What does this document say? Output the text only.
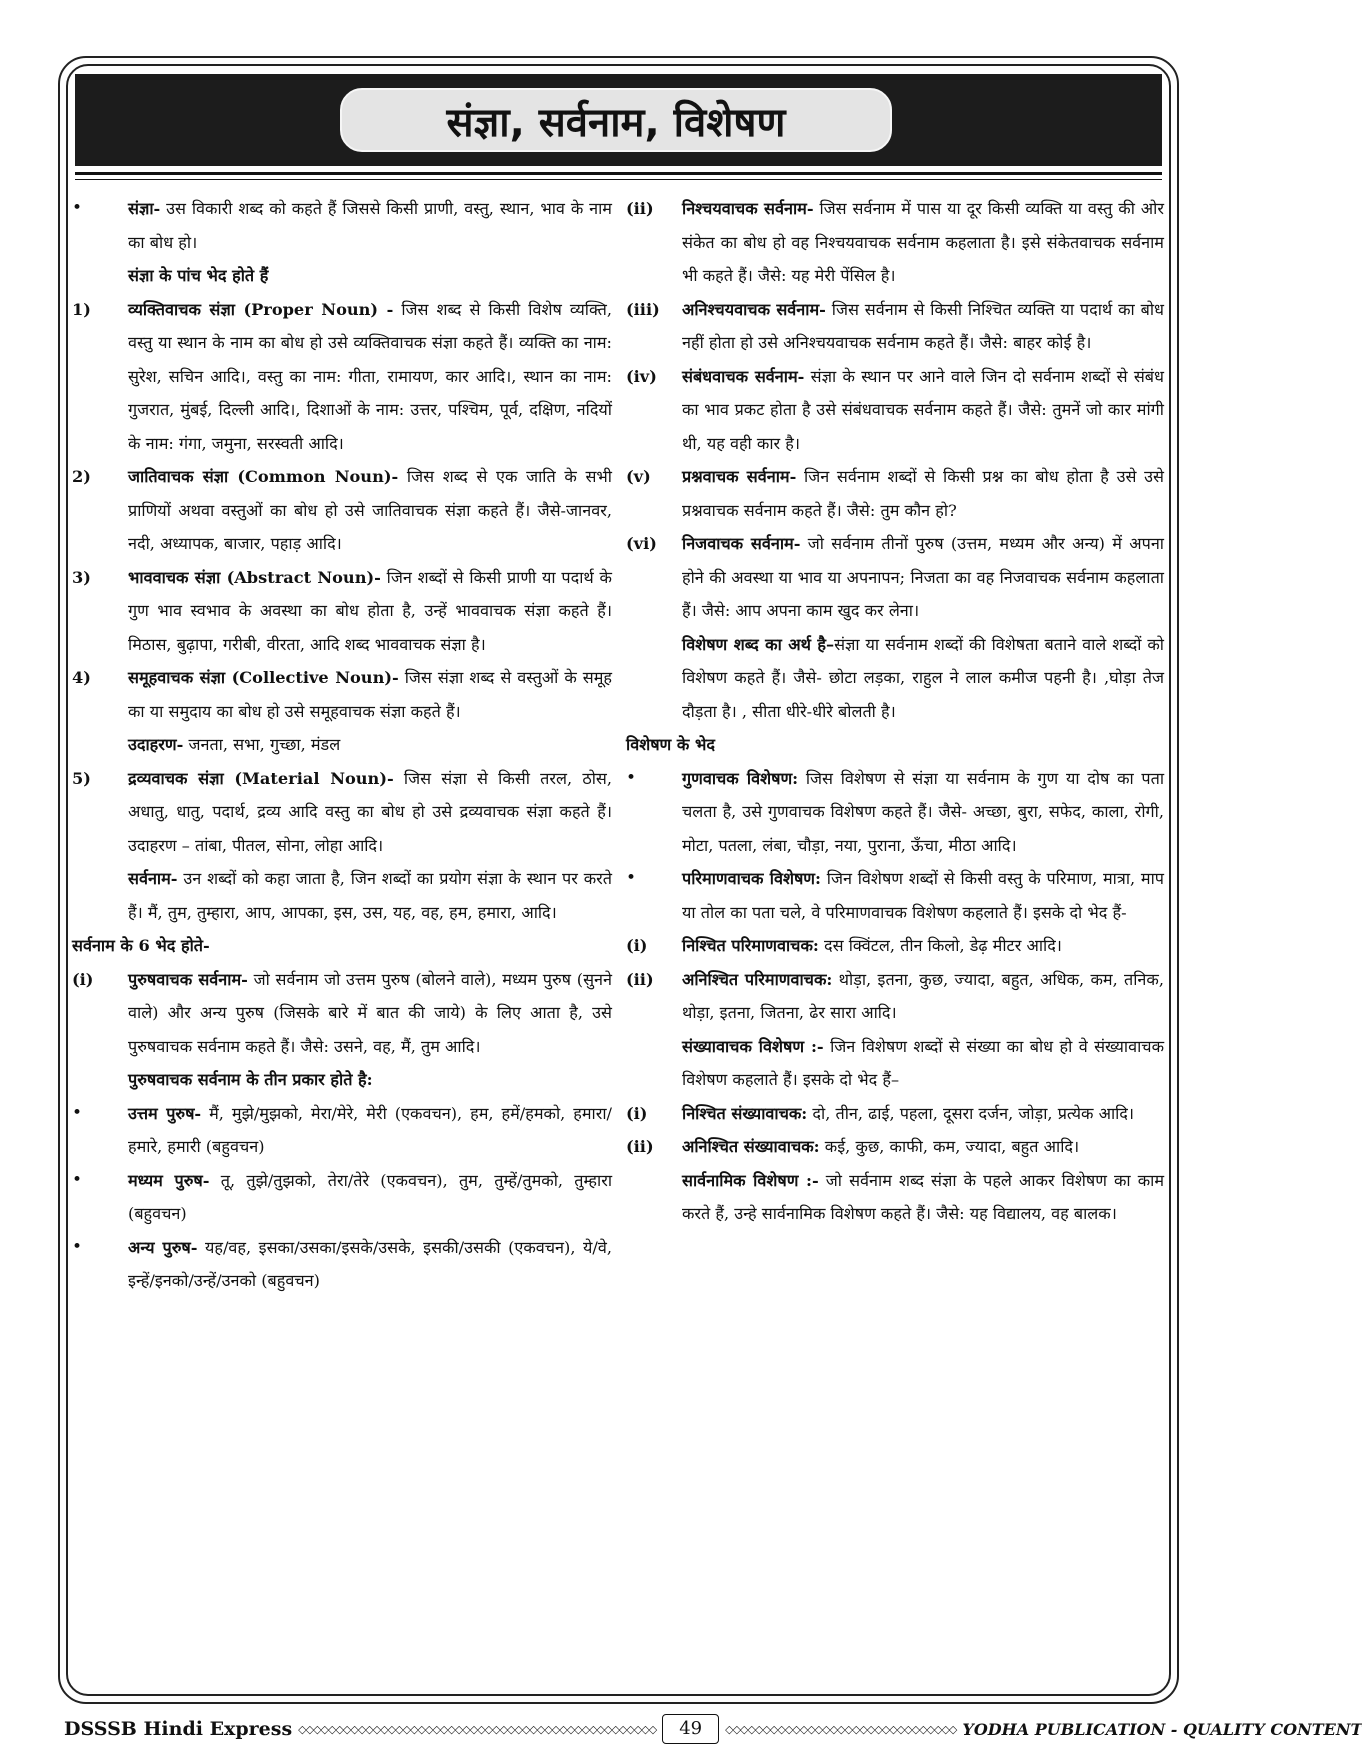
संज्ञा, सर्वनाम, विशेषण
•	संज्ञा- उस विकारी शब्द को कहते हैं जिससे किसी प्राणी, वस्तु, स्थान, भाव के नाम का बोध हो।
संज्ञा के पांच भेद होते हैं
1)	व्यक्तिवाचक संज्ञा (Proper Noun) - जिस शब्द से किसी विशेष व्यक्ति, वस्तु या स्थान के नाम का बोध हो उसे व्यक्तिवाचक संज्ञा कहते हैं। व्यक्ति का नाम: सुरेश, सचिन आदि।, वस्तु का नाम: गीता, रामायण, कार आदि।, स्थान का नाम: गुजरात, मुंबई, दिल्ली आदि।, दिशाओं के नाम: उत्तर, पश्चिम, पूर्व, दक्षिण, नदियों के नाम: गंगा, जमुना, सरस्वती आदि।
2)	जातिवाचक संज्ञा (Common Noun)- जिस शब्द से एक जाति के सभी प्राणियों अथवा वस्तुओं का बोध हो उसे जातिवाचक संज्ञा कहते हैं। जैसे-जानवर, नदी, अध्यापक, बाजार, पहाड़ आदि।
3)	भाववाचक संज्ञा (Abstract Noun)- जिन शब्दों से किसी प्राणी या पदार्थ के गुण भाव स्वभाव के अवस्था का बोध होता है, उन्हें भाववाचक संज्ञा कहते हैं। मिठास, बुढ़ापा, गरीबी, वीरता, आदि शब्द भाववाचक संज्ञा है।
4)	समूहवाचक संज्ञा (Collective Noun)- जिस संज्ञा शब्द से वस्तुओं के समूह का या समुदाय का बोध हो उसे समूहवाचक संज्ञा कहते हैं।
उदाहरण- जनता, सभा, गुच्छा, मंडल
5)	द्रव्यवाचक संज्ञा (Material Noun)- जिस संज्ञा से किसी तरल, ठोस, अधातु, धातु, पदार्थ, द्रव्य आदि वस्तु का बोध हो उसे द्रव्यवाचक संज्ञा कहते हैं। उदाहरण – तांबा, पीतल, सोना, लोहा आदि।
सर्वनाम- उन शब्दों को कहा जाता है, जिन शब्दों का प्रयोग संज्ञा के स्थान पर करते हैं। मैं, तुम, तुम्हारा, आप, आपका, इस, उस, यह, वह, हम, हमारा, आदि।
सर्वनाम के 6 भेद होते-
(i)	पुरुषवाचक सर्वनाम- जो सर्वनाम जो उत्तम पुरुष (बोलने वाले), मध्यम पुरुष (सुनने वाले) और अन्य पुरुष (जिसके बारे में बात की जाये) के लिए आता है, उसे पुरुषवाचक सर्वनाम कहते हैं। जैसे: उसने, वह, मैं, तुम आदि।
पुरुषवाचक सर्वनाम के तीन प्रकार होते है:
•	उत्तम पुरुष- मैं, मुझे/मुझको, मेरा/मेरे, मेरी (एकवचन), हम, हमें/हमको, हमारा/हमारे, हमारी (बहुवचन)
•	मध्यम पुरुष- तू, तुझे/तुझको, तेरा/तेरे (एकवचन), तुम, तुम्हें/तुमको, तुम्हारा (बहुवचन)
•	अन्य पुरुष- यह/वह, इसका/उसका/इसके/उसके, इसकी/उसकी (एकवचन), ये/वे, इन्हें/इनको/उन्हें/उनको (बहुवचन)
(ii)	निश्चयवाचक सर्वनाम- जिस सर्वनाम में पास या दूर किसी व्यक्ति या वस्तु की ओर संकेत का बोध हो वह निश्चयवाचक सर्वनाम कहलाता है। इसे संकेतवाचक सर्वनाम भी कहते हैं। जैसे: यह मेरी पेंसिल है।
(iii)	अनिश्चयवाचक सर्वनाम- जिस सर्वनाम से किसी निश्चित व्यक्ति या पदार्थ का बोध नहीं होता हो उसे अनिश्चयवाचक सर्वनाम कहते हैं। जैसे: बाहर कोई है।
(iv)	संबंधवाचक सर्वनाम- संज्ञा के स्थान पर आने वाले जिन दो सर्वनाम शब्दों से संबंध का भाव प्रकट होता है उसे संबंधवाचक सर्वनाम कहते हैं। जैसे: तुमनें जो कार मांगी थी, यह वही कार है।
(v)	प्रश्नवाचक सर्वनाम- जिन सर्वनाम शब्दों से किसी प्रश्न का बोध होता है उसे उसे प्रश्नवाचक सर्वनाम कहते हैं। जैसे: तुम कौन हो?
(vi)	निजवाचक सर्वनाम- जो सर्वनाम तीनों पुरुष (उत्तम, मध्यम और अन्य) में अपना होने की अवस्था या भाव या अपनापन; निजता का वह निजवाचक सर्वनाम कहलाता हैं। जैसे: आप अपना काम खुद कर लेना।
विशेषण शब्द का अर्थ है–संज्ञा या सर्वनाम शब्दों की विशेषता बताने वाले शब्दों को विशेषण कहते हैं। जैसे- छोटा लड़का, राहुल ने लाल कमीज पहनी है। ,घोड़ा तेज दौड़ता है। , सीता धीरे-धीरे बोलती है।
विशेषण के भेद
•	गुणवाचक विशेषण: जिस विशेषण से संज्ञा या सर्वनाम के गुण या दोष का पता चलता है, उसे गुणवाचक विशेषण कहते हैं। जैसे- अच्छा, बुरा, सफेद, काला, रोगी, मोटा, पतला, लंबा, चौड़ा, नया, पुराना, ऊँचा, मीठा आदि।
•	परिमाणवाचक विशेषण: जिन विशेषण शब्दों से किसी वस्तु के परिमाण, मात्रा, माप या तोल का पता चले, वे परिमाणवाचक विशेषण कहलाते हैं। इसके दो भेद हैं-
(i)	निश्चित परिमाणवाचक: दस क्विंटल, तीन किलो, डेढ़ मीटर आदि।
(ii)	अनिश्चित परिमाणवाचक: थोड़ा, इतना, कुछ, ज्यादा, बहुत, अधिक, कम, तनिक, थोड़ा, इतना, जितना, ढेर सारा आदि।
संख्यावाचक विशेषण :- जिन विशेषण शब्दों से संख्या का बोध हो वे संख्यावाचक विशेषण कहलाते हैं। इसके दो भेद हैं–
(i)	निश्चित संख्यावाचक: दो, तीन, ढाई, पहला, दूसरा दर्जन, जोड़ा, प्रत्येक आदि।
(ii)	अनिश्चित संख्यावाचक: कई, कुछ, काफी, कम, ज्यादा, बहुत आदि।
सार्वनामिक विशेषण :- जो सर्वनाम शब्द संज्ञा के पहले आकर विशेषण का काम करते हैं, उन्हे सार्वनामिक विशेषण कहते हैं। जैसे: यह विद्यालय, वह बालक।
DSSSB Hindi Express ◇◇◇◇◇◇◇◇◇◇◇◇◇◇◇◇◇◇◇◇◇◇◇◇◇◇◇◇◇◇◇◇◇◇◇◇◇◇◇◇◇◇◇◇◇◇◇◇	49	◇◇◇◇◇◇◇◇◇◇◇◇◇◇◇◇◇◇◇◇◇◇◇◇◇◇◇◇◇◇◇ YODHA PUBLICATION - QUALITY CONTENT
